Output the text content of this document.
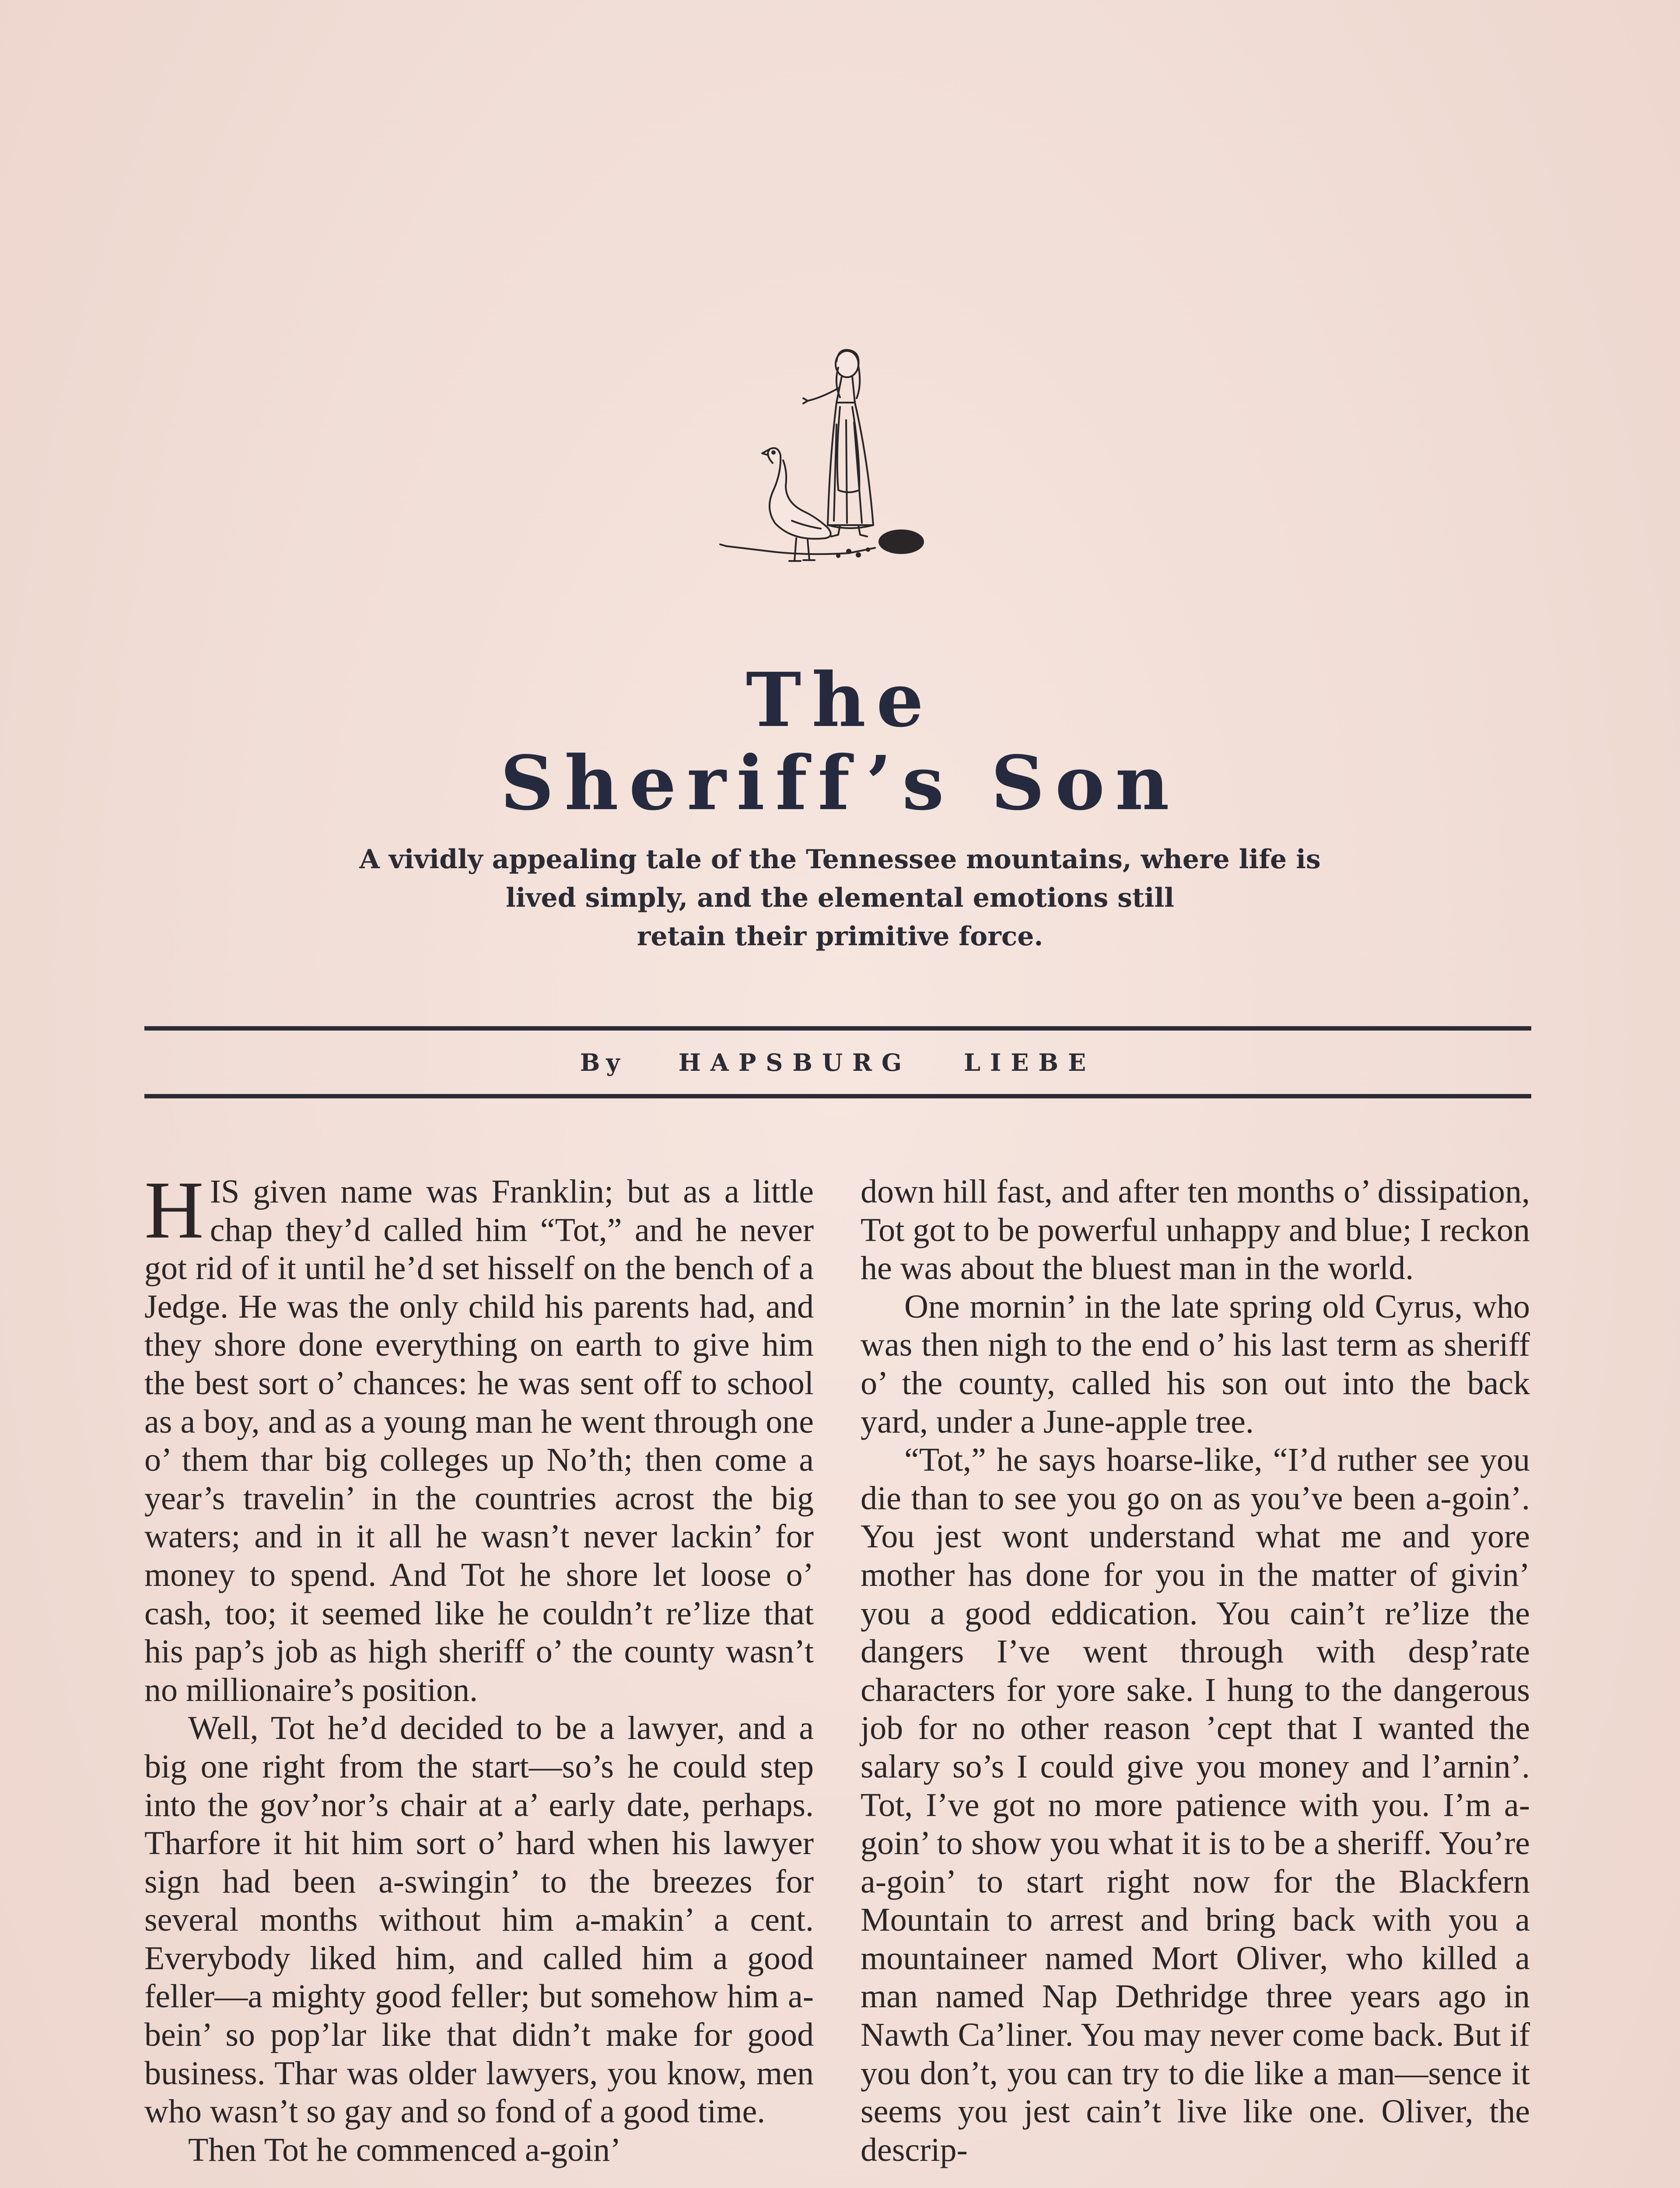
The
Sheriff’s Son

A vividly appealing tale of the Tennessee mountains, where life is
lived simply, and the elemental emotions still
retain their primitive force.

By HAPSBURG LIEBE

HIS given name was Franklin; but as a little chap they’d called him “Tot,” and he never got rid of it until he’d set hisself on the bench of a Jedge. He was the only child his parents had, and they shore done everything on earth to give him the best sort o’ chances: he was sent off to school as a boy, and as a young man he went through one o’ them thar big colleges up No’th; then come a year’s travelin’ in the countries acrost the big waters; and in it all he wasn’t never lackin’ for money to spend. And Tot he shore let loose o’ cash, too; it seemed like he couldn’t re’lize that his pap’s job as high sheriff o’ the county wasn’t no millionaire’s position.

Well, Tot he’d decided to be a lawyer, and a big one right from the start—so’s he could step into the gov’nor’s chair at a’ early date, perhaps. Tharfore it hit him sort o’ hard when his lawyer sign had been a-swingin’ to the breezes for several months without him a-makin’ a cent. Everybody liked him, and called him a good feller—a mighty good feller; but somehow him a-bein’ so pop’lar like that didn’t make for good business. Thar was older lawyers, you know, men who wasn’t so gay and so fond of a good time.

Then Tot he commenced a-goin’

down hill fast, and after ten months o’ dissipation, Tot got to be powerful unhappy and blue; I reckon he was about the bluest man in the world.

One mornin’ in the late spring old Cyrus, who was then nigh to the end o’ his last term as sheriff o’ the county, called his son out into the back yard, under a June-apple tree.

“Tot,” he says hoarse-like, “I’d ruther see you die than to see you go on as you’ve been a-goin’. You jest wont understand what me and yore mother has done for you in the matter of givin’ you a good eddication. You cain’t re’lize the dangers I’ve went through with desp’rate characters for yore sake. I hung to the dangerous job for no other reason ’cept that I wanted the salary so’s I could give you money and l’arnin’. Tot, I’ve got no more patience with you. I’m a-goin’ to show you what it is to be a sheriff. You’re a-goin’ to start right now for the Blackfern Mountain to arrest and bring back with you a mountaineer named Mort Oliver, who killed a man named Nap Dethridge three years ago in Nawth Ca’liner. You may never come back. But if you don’t, you can try to die like a man—sence it seems you jest cain’t live like one. Oliver, the descrip-
